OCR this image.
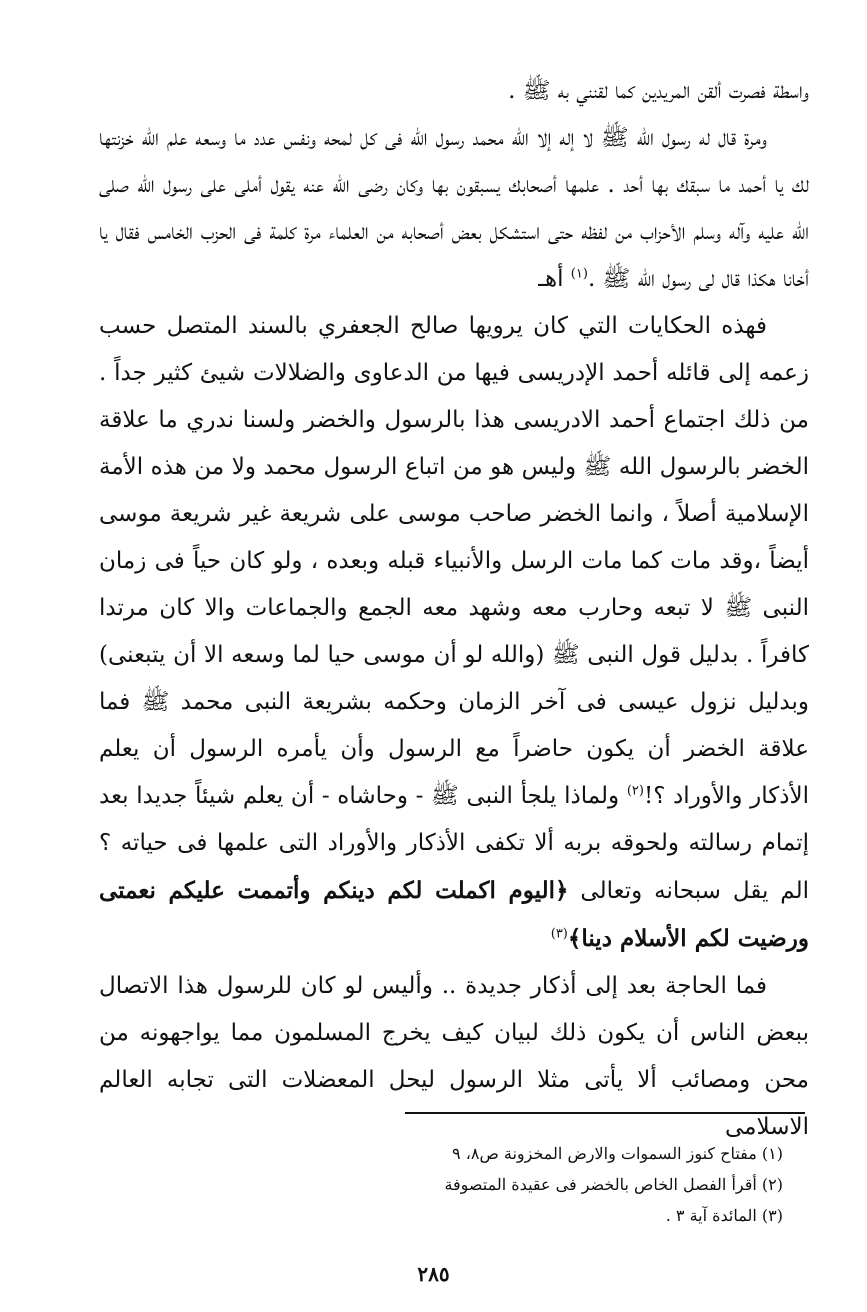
واسطة فصرت ألقن المريدين كما لقنني به ﷺ .

ومرة قال له رسول الله ﷺ لا إله إلا الله محمد رسول الله فى كل لمحه ونفس عدد ما وسعه علم الله خزنتها لك يا أحمد ما سبقك بها أحد . علمها أصحابك يسبقون بها وكان رضى الله عنه يقول أملى على رسول الله صلى الله عليه وآله وسلم الأحزاب من لفظه حتى استشكل بعض أصحابه من العلماء مرة كلمة فى الحزب الخامس فقال يا أخانا هكذا قال لى رسول الله ﷺ .$^{(١)}$ أهـ

فهذه الحكايات التي كان يرويها صالح الجعفري بالسند المتصل حسب زعمه إلى قائله أحمد الإدريسى فيها من الدعاوى والضلالات شيئ كثير جداً . من ذلك اجتماع أحمد الادريسى هذا بالرسول والخضر ولسنا ندري ما علاقة الخضر بالرسول الله ﷺ وليس هو من اتباع الرسول محمد ولا من هذه الأمة الإسلامية أصلاً ، وانما الخضر صاحب موسى على شريعة غير شريعة موسى أيضاً ،وقد مات كما مات الرسل والأنبياء قبله وبعده ، ولو كان حياً فى زمان النبى ﷺ لا تبعه وحارب معه وشهد معه الجمع والجماعات والا كان مرتدا كافراً . بدليل قول النبى ﷺ (والله لو أن موسى حيا لما وسعه الا أن يتبعنى) وبدليل نزول عيسى فى آخر الزمان وحكمه بشريعة النبى محمد ﷺ فما علاقة الخضر أن يكون حاضراً مع الرسول وأن يأمره الرسول أن يعلم الأذكار والأوراد ؟!$^{(٢)}$ ولماذا يلجأ النبى ﷺ - وحاشاه - أن يعلم شيئاً جديدا بعد إتمام رسالته ولحوقه بربه ألا تكفى الأذكار والأوراد التى علمها فى حياته ؟ الم يقل سبحانه وتعالى ﴿اليوم اكملت لكم دينكم وأتممت عليكم نعمتى ورضيت لكم الأسلام دينا﴾$^{(٣)}$

فما الحاجة بعد إلى أذكار جديدة .. وأليس لو كان للرسول هذا الاتصال ببعض الناس أن يكون ذلك لبيان كيف يخرج المسلمون مما يواجهونه من محن ومصائب ألا يأتى مثلا الرسول ليحل المعضلات التى تجابه العالم الاسلامى

(١) مفتاح كنوز السموات والارض المخزونة ص٨، ٩
(٢) أقرأ الفصل الخاص بالخضر فى عقيدة المتصوفة
(٣) المائدة آية ٣ .
٢٨٥
